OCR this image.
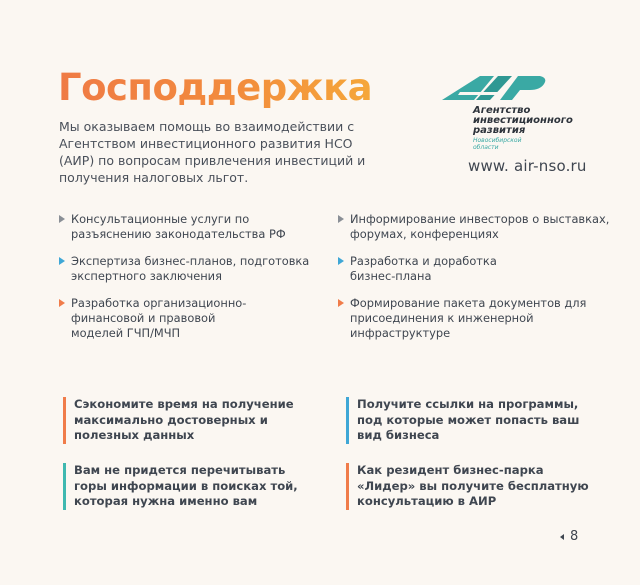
Господдержка
Мы оказываем помощь во взаимодействии с Агентством инвестиционного развития НСО (АИР) по вопросам привлечения инвестиций и получения налоговых льгот.
Агентство инвестиционного развития
Новосибирской области
www. air-nso.ru
Консультационные услуги по разъяснению законодательства РФ
Экспертиза бизнес-планов, подготовка экспертного заключения
Разработка организационно-финансовой и правовой моделей ГЧП/МЧП
Информирование инвесторов о выставках, форумах, конференциях
Разработка и доработка бизнес-плана
Формирование пакета документов для присоединения к инженерной инфраструктуре
Сэкономите время на получение максимально достоверных и полезных данных
Получите ссылки на программы, под которые может попасть ваш вид бизнеса
Вам не придется перечитывать горы информации в поисках той, которая нужна именно вам
Как резидент бизнес-парка «Лидер» вы получите бесплатную консультацию в АИР
8
